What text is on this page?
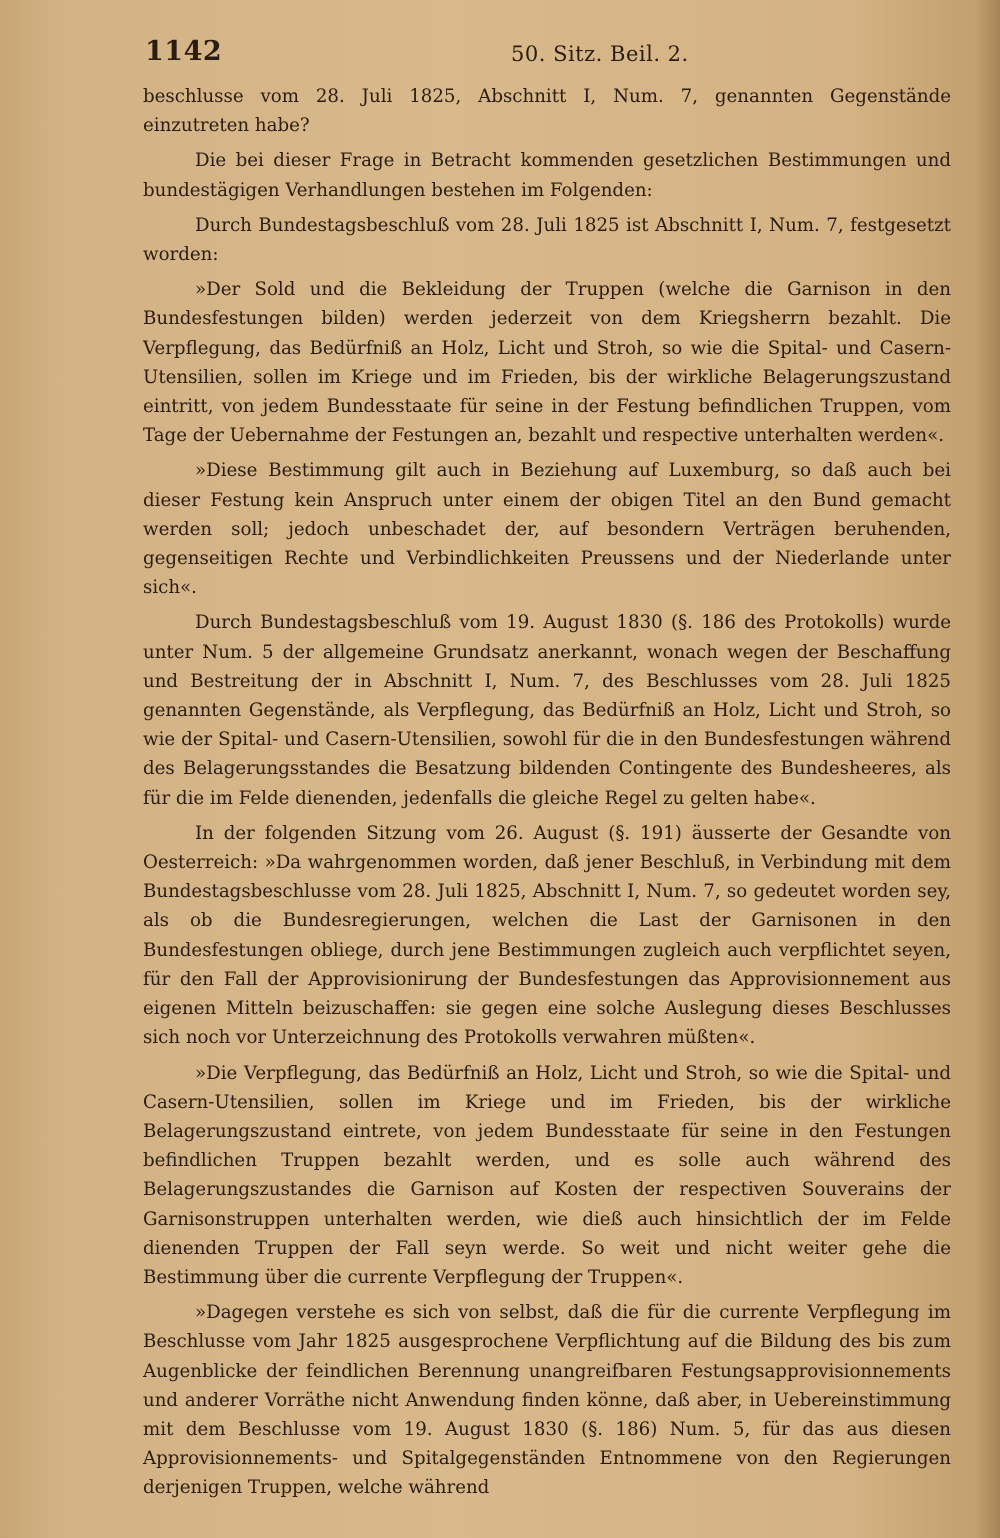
1142	50. Sitz. Beil. 2.

beschlusse vom 28. Juli 1825, Abschnitt I, Num. 7, genannten Gegenstände einzutreten habe?

Die bei dieser Frage in Betracht kommenden gesetzlichen Bestimmungen und bundestägigen Verhandlungen bestehen im Folgenden:

Durch Bundestagsbeschluß vom 28. Juli 1825 ist Abschnitt I, Num. 7, festgesetzt worden:

»Der Sold und die Bekleidung der Truppen (welche die Garnison in den Bundesfestungen bilden) werden jederzeit von dem Kriegsherrn bezahlt. Die Verpflegung, das Bedürfniß an Holz, Licht und Stroh, so wie die Spital- und Casern-Utensilien, sollen im Kriege und im Frieden, bis der wirkliche Belagerungszustand eintritt, von jedem Bundesstaate für seine in der Festung befindlichen Truppen, vom Tage der Uebernahme der Festungen an, bezahlt und respective unterhalten werden«.

»Diese Bestimmung gilt auch in Beziehung auf Luxemburg, so daß auch bei dieser Festung kein Anspruch unter einem der obigen Titel an den Bund gemacht werden soll; jedoch unbeschadet der, auf besondern Verträgen beruhenden, gegenseitigen Rechte und Verbindlichkeiten Preussens und der Niederlande unter sich«.

Durch Bundestagsbeschluß vom 19. August 1830 (§. 186 des Protokolls) wurde unter Num. 5 der allgemeine Grundsatz anerkannt, wonach wegen der Beschaffung und Bestreitung der in Abschnitt I, Num. 7, des Beschlusses vom 28. Juli 1825 genannten Gegenstände, als Verpflegung, das Bedürfniß an Holz, Licht und Stroh, so wie der Spital- und Casern-Utensilien, sowohl für die in den Bundesfestungen während des Belagerungsstandes die Besatzung bildenden Contingente des Bundesheeres, als für die im Felde dienenden, jedenfalls die gleiche Regel zu gelten habe«.

In der folgenden Sitzung vom 26. August (§. 191) äusserte der Gesandte von Oesterreich: »Da wahrgenommen worden, daß jener Beschluß, in Verbindung mit dem Bundestagsbeschlusse vom 28. Juli 1825, Abschnitt I, Num. 7, so gedeutet worden sey, als ob die Bundesregierungen, welchen die Last der Garnisonen in den Bundesfestungen obliege, durch jene Bestimmungen zugleich auch verpflichtet seyen, für den Fall der Approvisionirung der Bundesfestungen das Approvisionnement aus eigenen Mitteln beizuschaffen: sie gegen eine solche Auslegung dieses Beschlusses sich noch vor Unterzeichnung des Protokolls verwahren müßten«.

»Die Verpflegung, das Bedürfniß an Holz, Licht und Stroh, so wie die Spital- und Casern-Utensilien, sollen im Kriege und im Frieden, bis der wirkliche Belagerungszustand eintrete, von jedem Bundesstaate für seine in den Festungen befindlichen Truppen bezahlt werden, und es solle auch während des Belagerungszustandes die Garnison auf Kosten der respectiven Souverains der Garnisonstruppen unterhalten werden, wie dieß auch hinsichtlich der im Felde dienenden Truppen der Fall seyn werde. So weit und nicht weiter gehe die Bestimmung über die currente Verpflegung der Truppen«.

»Dagegen verstehe es sich von selbst, daß die für die currente Verpflegung im Beschlusse vom Jahr 1825 ausgesprochene Verpflichtung auf die Bildung des bis zum Augenblicke der feindlichen Berennung unangreifbaren Festungsapprovisionnements und anderer Vorräthe nicht Anwendung finden könne, daß aber, in Uebereinstimmung mit dem Beschlusse vom 19. August 1830 (§. 186) Num. 5, für das aus diesen Approvisionnements- und Spitalgegenständen Entnommene von den Regierungen derjenigen Truppen, welche während
